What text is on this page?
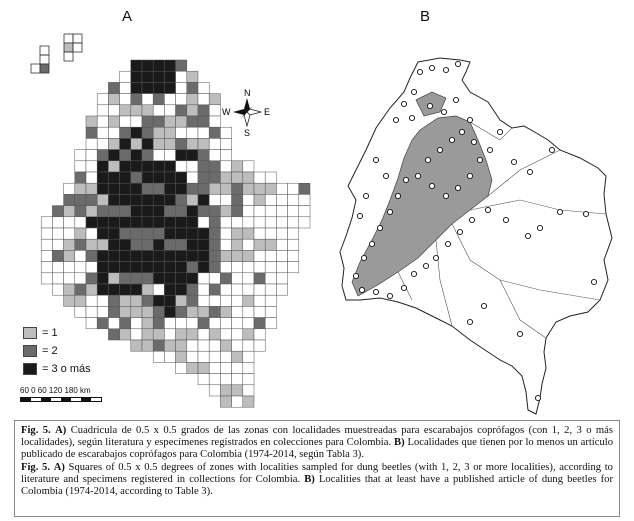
A	B
N
S
E
W
= 1
= 2
= 3 o más
60 0 60 120 180 km

Fig. 5. A) Cuadricula de 0.5 x 0.5 grados de las zonas con localidades muestreadas para escarabajos coprófagos (con 1, 2, 3 o más localidades), según literatura y especímenes registrados en colecciones para Colombia. B) Localidades que tienen por lo menos un artículo publicado de escarabajos coprófagos para Colombia (1974-2014, según Tabla 3).

Fig. 5. A) Squares of 0.5 x 0.5 degrees of zones with localities sampled for dung beetles (with 1, 2, 3 or more localities), according to literature and specimens registered in collections for Colombia. B) Localities that at least have a published article of dung beetles for Colombia (1974-2014, according to Table 3).
